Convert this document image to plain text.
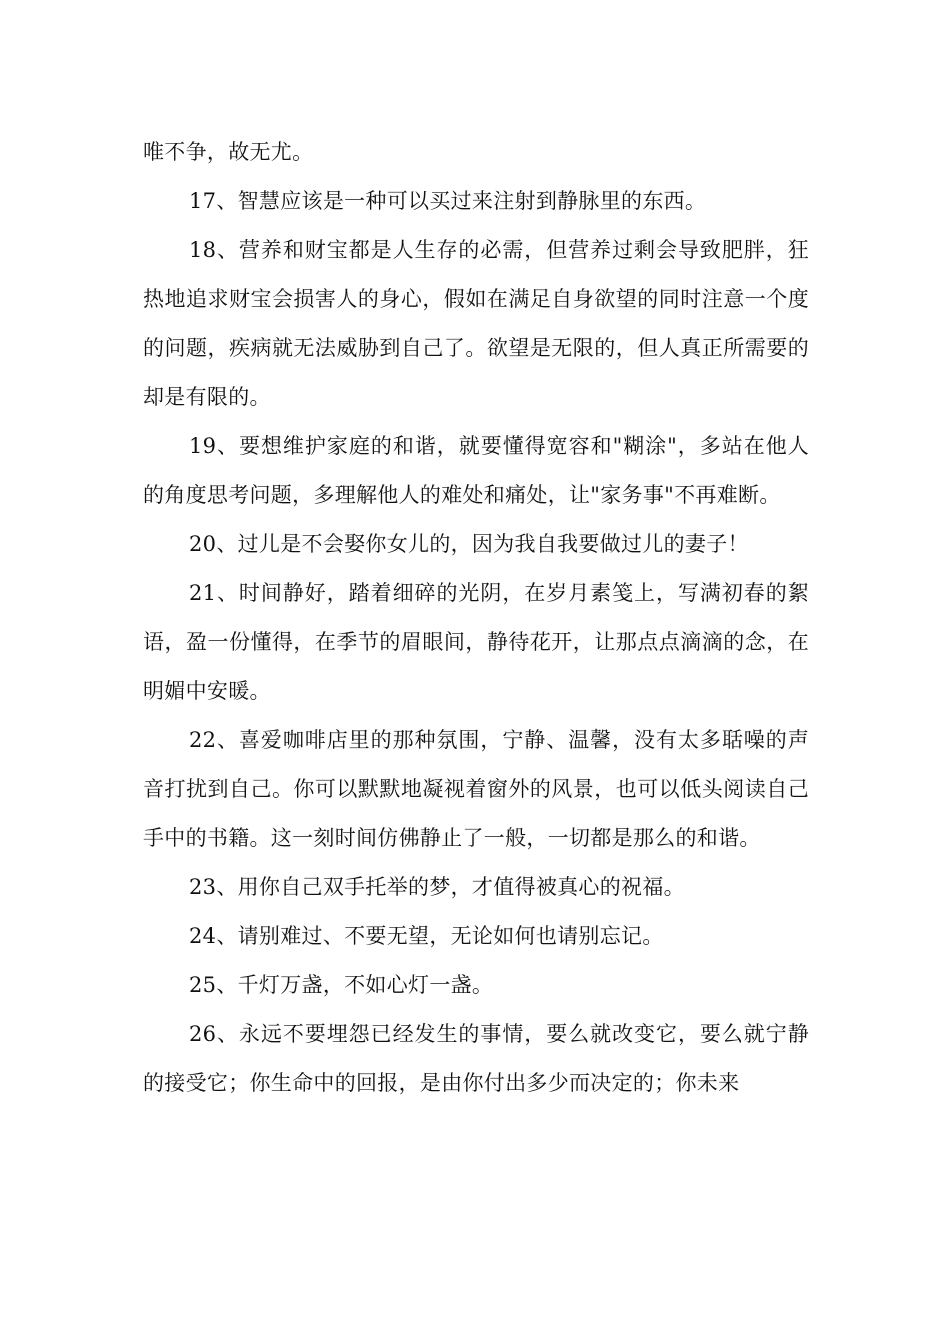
唯不争，故无尤。

17、智慧应该是一种可以买过来注射到静脉里的东西。

18、营养和财宝都是人生存的必需，但营养过剩会导致肥胖，狂热地追求财宝会损害人的身心，假如在满足自身欲望的同时注意一个度的问题，疾病就无法威胁到自己了。欲望是无限的，但人真正所需要的却是有限的。

19、要想维护家庭的和谐，就要懂得宽容和"糊涂"，多站在他人的角度思考问题，多理解他人的难处和痛处，让"家务事"不再难断。

20、过儿是不会娶你女儿的，因为我自我要做过儿的妻子！

21、时间静好，踏着细碎的光阴，在岁月素笺上，写满初春的絮语，盈一份懂得，在季节的眉眼间，静待花开，让那点点滴滴的念，在明媚中安暖。

22、喜爱咖啡店里的那种氛围，宁静、温馨，没有太多聒噪的声音打扰到自己。你可以默默地凝视着窗外的风景，也可以低头阅读自己手中的书籍。这一刻时间仿佛静止了一般，一切都是那么的和谐。

23、用你自己双手托举的梦，才值得被真心的祝福。

24、请别难过、不要无望，无论如何也请别忘记。

25、千灯万盏，不如心灯一盏。

26、永远不要埋怨已经发生的事情，要么就改变它，要么就宁静的接受它；你生命中的回报，是由你付出多少而决定的；你未来
